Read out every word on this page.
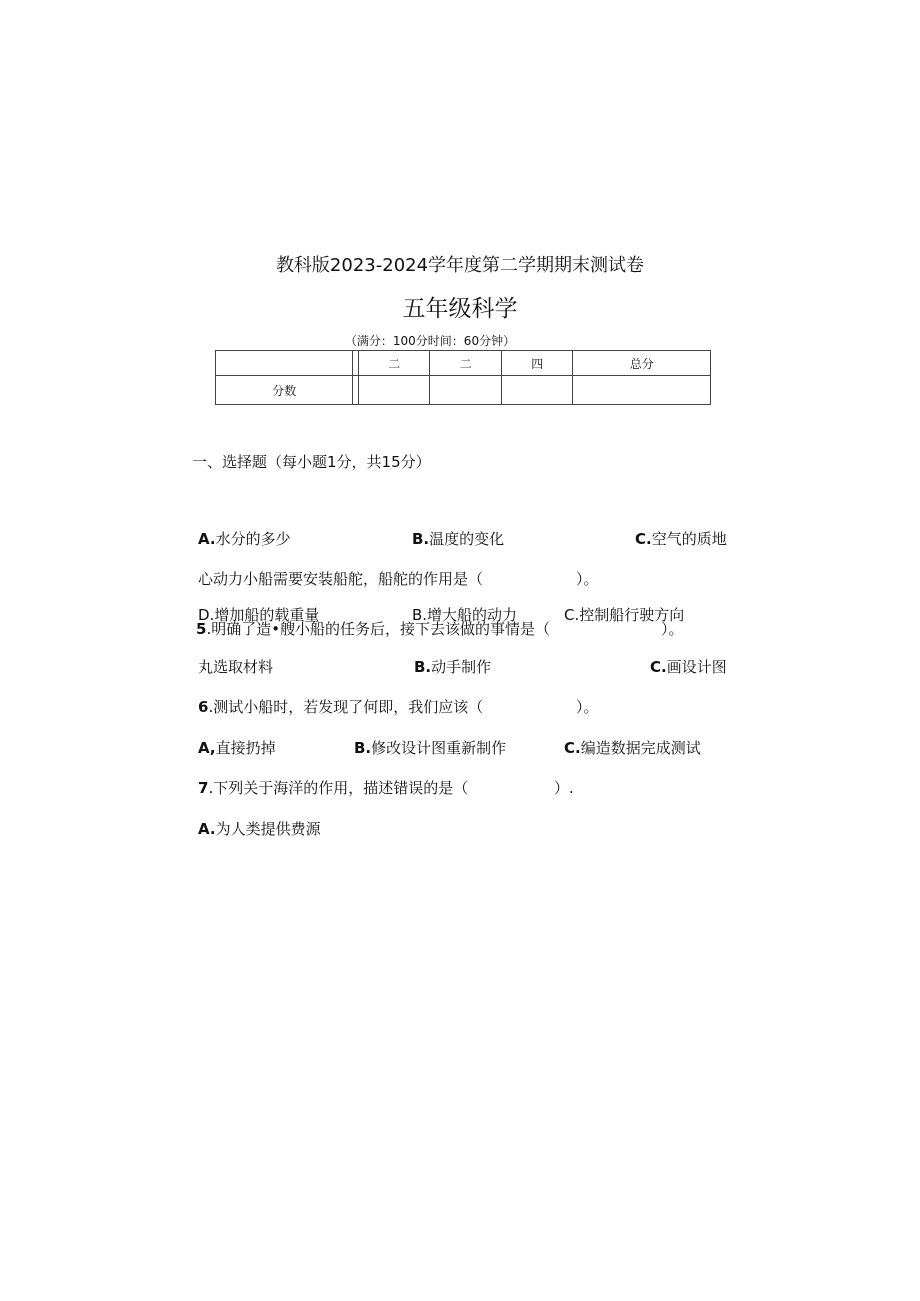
教科版2023-2024学年度第二学期期末测试卷
五年级科学
（满分：100分时间：60分钟）
		二	二	四	总分
分数					
一、选择题（每小题1分，共15分）
A.水分的多少	B.温度的变化	C.空气的质地
心动力小船需要安装船舵，船舵的作用是（	）。
D.增加船的载重量	B.增大船的动力	C.控制船行驶方向
5.明确了造•艘小船的任务后，接下去该做的事情是（	）。
丸选取材料	B.动手制作	C.画设计图
6.测试小船时，若发现了何即，我们应该（	）。
A,直接扔掉	B.修改设计图重新制作	C.编造数据完成测试
7.下列关于海洋的作用，描述错误的是（	）.
A.为人类提供费源
